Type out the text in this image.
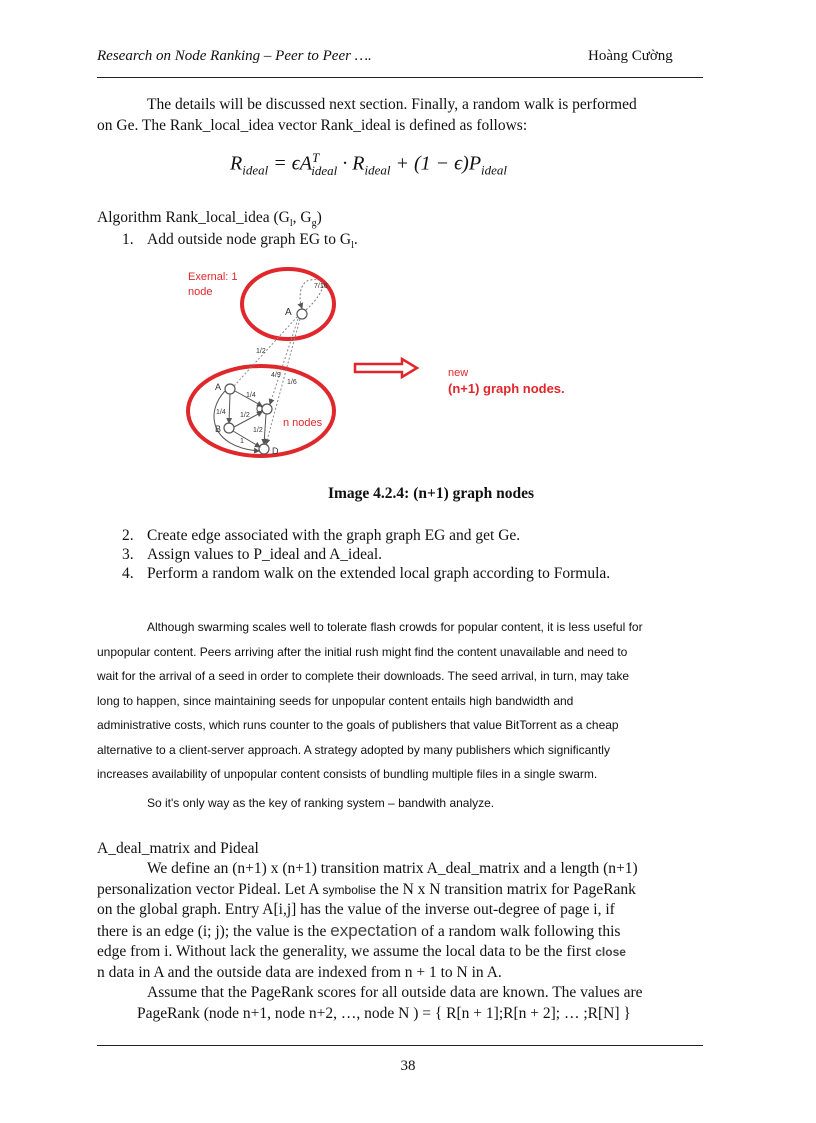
Research on Node Ranking – Peer to Peer ….	Hoàng Cường
The details will be discussed next section. Finally, a random walk is performed
on Ge. The Rank_local_idea vector Rank_ideal is defined as follows:
$R_{ideal} = \epsilon A^T_{ideal} \cdot R_{ideal} + (1 - \epsilon)P_{ideal}$
Algorithm Rank_local_idea ($G_l$, $G_g$)
1. Add outside node graph EG to $G_l$.
A
A
B
C
D
7/16
1/2
4/9
1/6
1/4
1/4 1/2
1/2
1
Exernal: 1
node
new
(n+1) graph nodes.
n nodes
Image 4.2.4: (n+1) graph nodes
2. Create edge associated with the graph graph EG and get Ge.
3. Assign values to P_ideal and A_ideal.
4. Perform a random walk on the extended local graph according to Formula.
Although swarming scales well to tolerate flash crowds for popular content, it is less useful for
unpopular content. Peers arriving after the initial rush might find the content unavailable and need to
wait for the arrival of a seed in order to complete their downloads. The seed arrival, in turn, may take
long to happen, since maintaining seeds for unpopular content entails high bandwidth and
administrative costs, which runs counter to the goals of publishers that value BitTorrent as a cheap
alternative to a client-server approach. A strategy adopted by many publishers which significantly
increases availability of unpopular content consists of bundling multiple files in a single swarm.
So it's only way as the key of ranking system – bandwith analyze.
A_deal_matrix and Pideal
We define an (n+1) x (n+1) transition matrix A_deal_matrix and a length (n+1)
personalization vector Pideal. Let A symbolise the N x N transition matrix for PageRank
on the global graph. Entry A[i,j] has the value of the inverse out-degree of page i, if
there is an edge (i; j); the value is the expectation of a random walk following this
edge from i. Without lack the generality, we assume the local data to be the first close
n data in A and the outside data are indexed from n + 1 to N in A.
Assume that the PageRank scores for all outside data are known. The values are
PageRank (node n+1, node n+2, …, node N ) = { R[n + 1];R[n + 2]; … ;R[N] }
38
